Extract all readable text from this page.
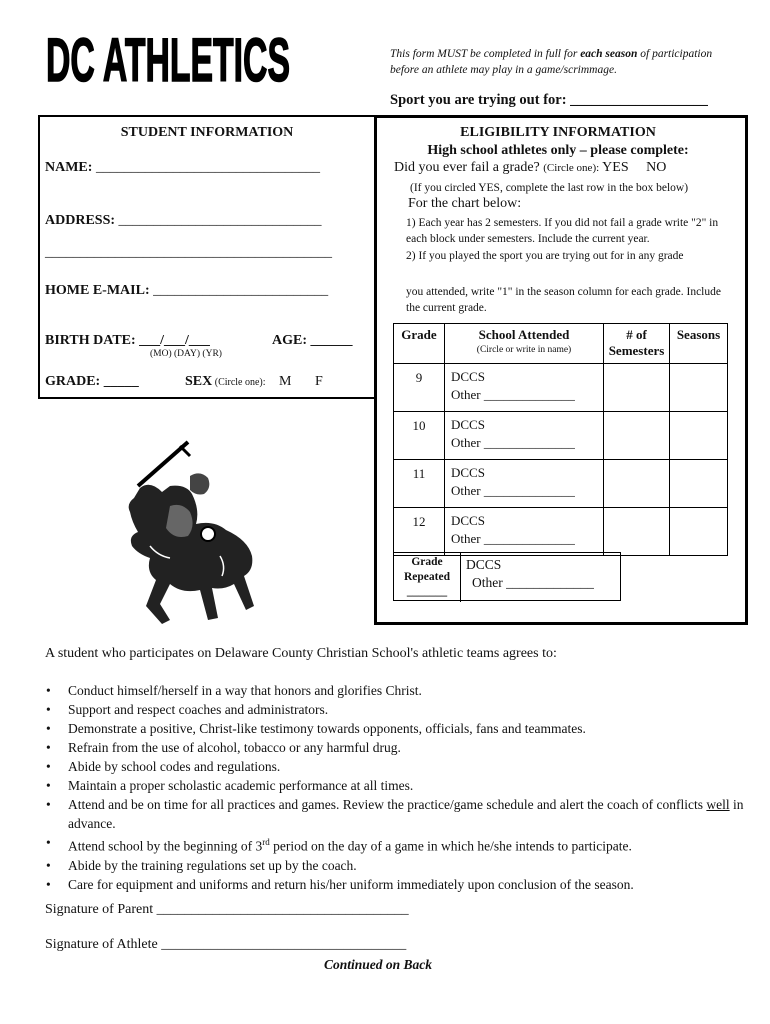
DC ATHLETICS	This form MUST be completed in full for each season of participation before an athlete may play in a game/scrimmage.
Sport you are trying out for: ___________________
STUDENT INFORMATION
NAME: ________________________________
ADDRESS: _____________________________
_________________________________________
HOME E-MAIL: _________________________
BIRTH DATE: ___/___/___
(MO) (DAY) (YR)
AGE: ______
GRADE: _____	SEX (Circle one): M F
ELIGIBILITY INFORMATION
High school athletes only – please complete:
Did you ever fail a grade? (Circle one): YES NO
(If you circled YES, complete the last row in the box below)
For the chart below:
1) Each year has 2 semesters. If you did not fail a grade write "2" in each block under semesters. Include the current year.
2) If you played the sport you are trying out for in any grade
you attended, write "1" in the season column for each grade. Include the current grade.
Grade	School Attended
(Circle or write in name)	# of Semesters	Seasons
9	DCCS
Other ______________		

10	DCCS
Other ______________		

11	DCCS
Other ______________		

12	DCCS
Other ______________		

Grade
Repeated
_______
DCCS
Other _____________
A student who participates on Delaware County Christian School's athletic teams agrees to:
• Conduct himself/herself in a way that honors and glorifies Christ.
• Support and respect coaches and administrators.
• Demonstrate a positive, Christ-like testimony towards opponents, officials, fans and teammates.
• Refrain from the use of alcohol, tobacco or any harmful drug.
• Abide by school codes and regulations.
• Maintain a proper scholastic academic performance at all times.
• Attend and be on time for all practices and games. Review the practice/game schedule and alert the coach of conflicts well in advance.
• Attend school by the beginning of 3rd period on the day of a game in which he/she intends to participate.
• Abide by the training regulations set up by the coach.
• Care for equipment and uniforms and return his/her uniform immediately upon conclusion of the season.
Signature of Parent ____________________________________
Signature of Athlete ___________________________________
Continued on Back
